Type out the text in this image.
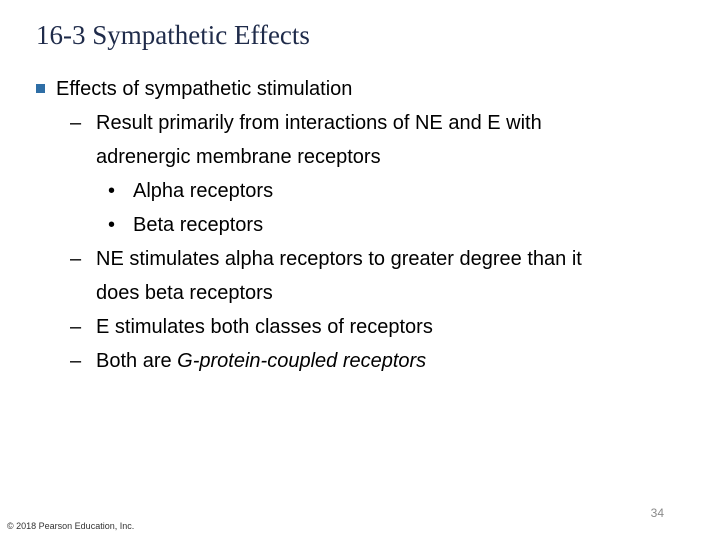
16-3 Sympathetic Effects
Effects of sympathetic stimulation
– Result primarily from interactions of NE and E with
adrenergic membrane receptors
• Alpha receptors
• Beta receptors
– NE stimulates alpha receptors to greater degree than it
does beta receptors
– E stimulates both classes of receptors
– Both are G-protein-coupled receptors
34
© 2018 Pearson Education, Inc.
